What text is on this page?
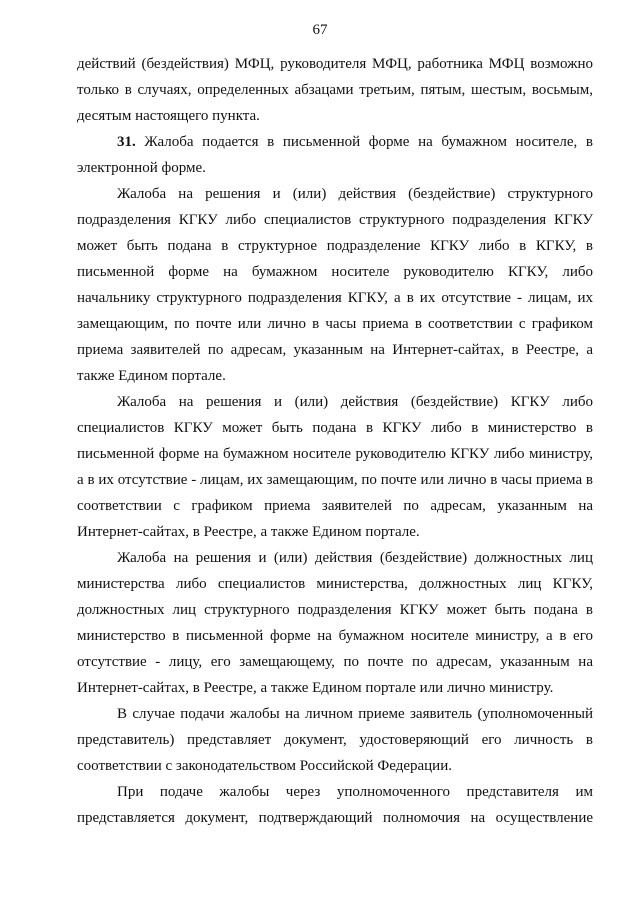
67

действий (бездействия) МФЦ, руководителя МФЦ, работника МФЦ возможно только в случаях, определенных абзацами третьим, пятым, шестым, восьмым, десятым настоящего пункта.

31. Жалоба подается в письменной форме на бумажном носителе, в электронной форме.

Жалоба на решения и (или) действия (бездействие) структурного подразделения КГКУ либо специалистов структурного подразделения КГКУ может быть подана в структурное подразделение КГКУ либо в КГКУ, в письменной форме на бумажном носителе руководителю КГКУ, либо начальнику структурного подразделения КГКУ, а в их отсутствие - лицам, их замещающим, по почте или лично в часы приема в соответствии с графиком приема заявителей по адресам, указанным на Интернет-сайтах, в Реестре, а также Едином портале.

Жалоба на решения и (или) действия (бездействие) КГКУ либо специалистов КГКУ может быть подана в КГКУ либо в министерство в письменной форме на бумажном носителе руководителю КГКУ либо министру, а в их отсутствие - лицам, их замещающим, по почте или лично в часы приема в соответствии с графиком приема заявителей по адресам, указанным на Интернет-сайтах, в Реестре, а также Едином портале.

Жалоба на решения и (или) действия (бездействие) должностных лиц министерства либо специалистов министерства, должностных лиц КГКУ, должностных лиц структурного подразделения КГКУ может быть подана в министерство в письменной форме на бумажном носителе министру, а в его отсутствие - лицу, его замещающему, по почте по адресам, указанным на Интернет-сайтах, в Реестре, а также Едином портале или лично министру.

В случае подачи жалобы на личном приеме заявитель (уполномоченный представитель) представляет документ, удостоверяющий его личность в соответствии с законодательством Российской Федерации.

При подаче жалобы через уполномоченного представителя им представляется документ, подтверждающий полномочия на осуществление
